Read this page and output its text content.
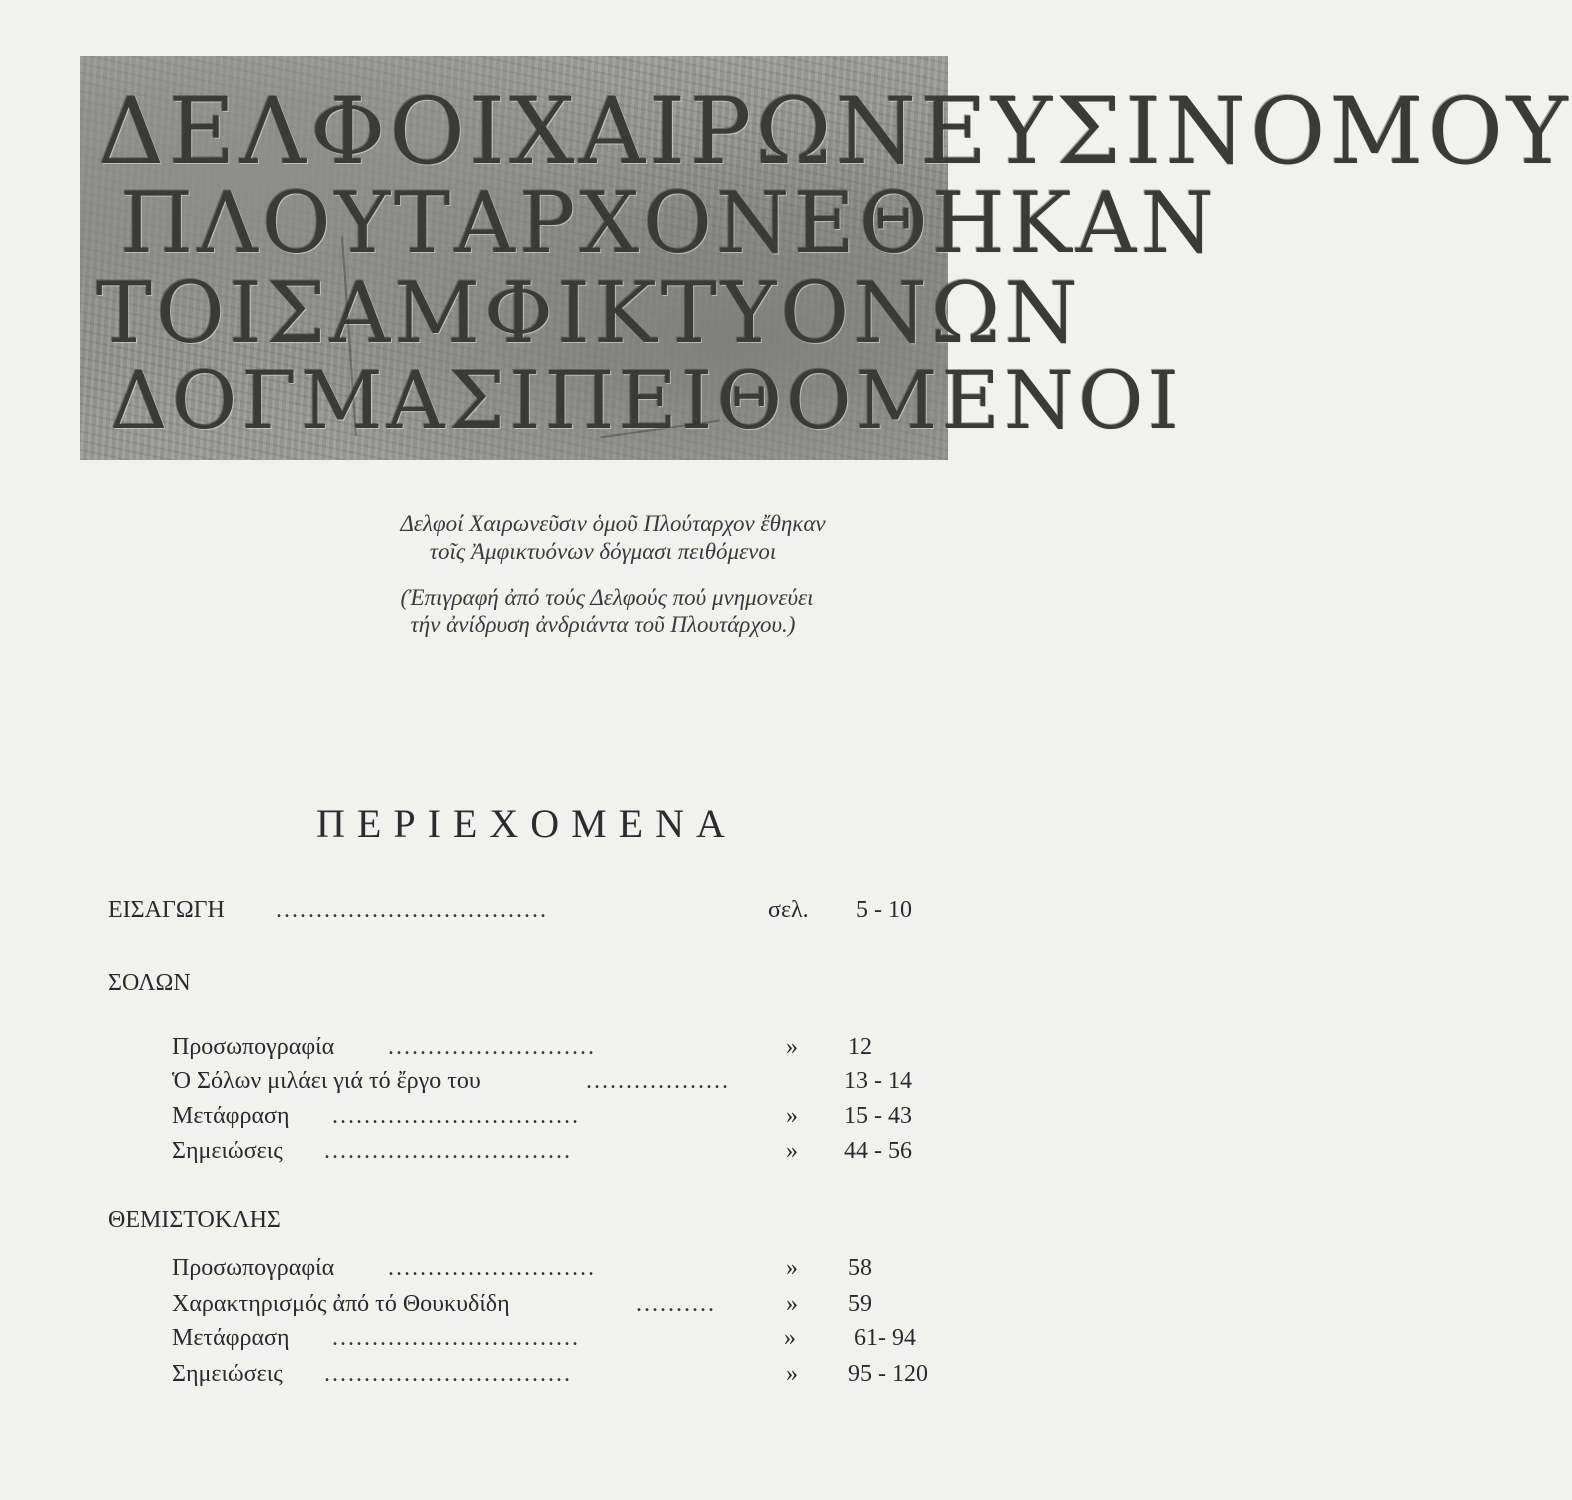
ΔΕΛΦΟΙΧΑΙΡΩΝΕΥΣΙΝΟΜΟΥ
ΠΛΟΥΤΑΡΧΟΝΕΘΗΚΑΝ
ΤΟΙΣΑΜΦΙΚΤΥΟΝΩΝ
ΔΟΓΜΑΣΙΠΕΙΘΟΜΕΝΟΙ
Δελφοί Χαιρωνεῦσιν ὁμοῦ Πλούταρχον ἔθηκαν
τοῖς Ἀμφικτυόνων δόγμασι πειθόμενοι
(Ἐπιγραφή ἀπό τούς Δελφούς πού μνημονεύει
τήν ἀνίδρυση ἀνδριάντα τοῦ Πλουτάρχου.)
ΠΕΡΙΕΧΟΜΕΝΑ
ΕΙΣΑΓΩΓΗ ..................................	σελ. 5 - 10
ΣΟΛΩΝ
Προσωπογραφία ..........................	» 12
Ὁ Σόλων μιλάει γιά τό ἔργο του	..................	13 - 14
Μετάφραση ...............................	» 15 - 43
Σημειώσεις ...............................	» 44 - 56
ΘΕΜΙΣΤΟΚΛΗΣ
Προσωπογραφία ..........................	» 58
Χαρακτηρισμός ἀπό τό Θουκυδίδη	..........	» 59
Μετάφραση ...............................	» 61- 94
Σημειώσεις ...............................	» 95 - 120
